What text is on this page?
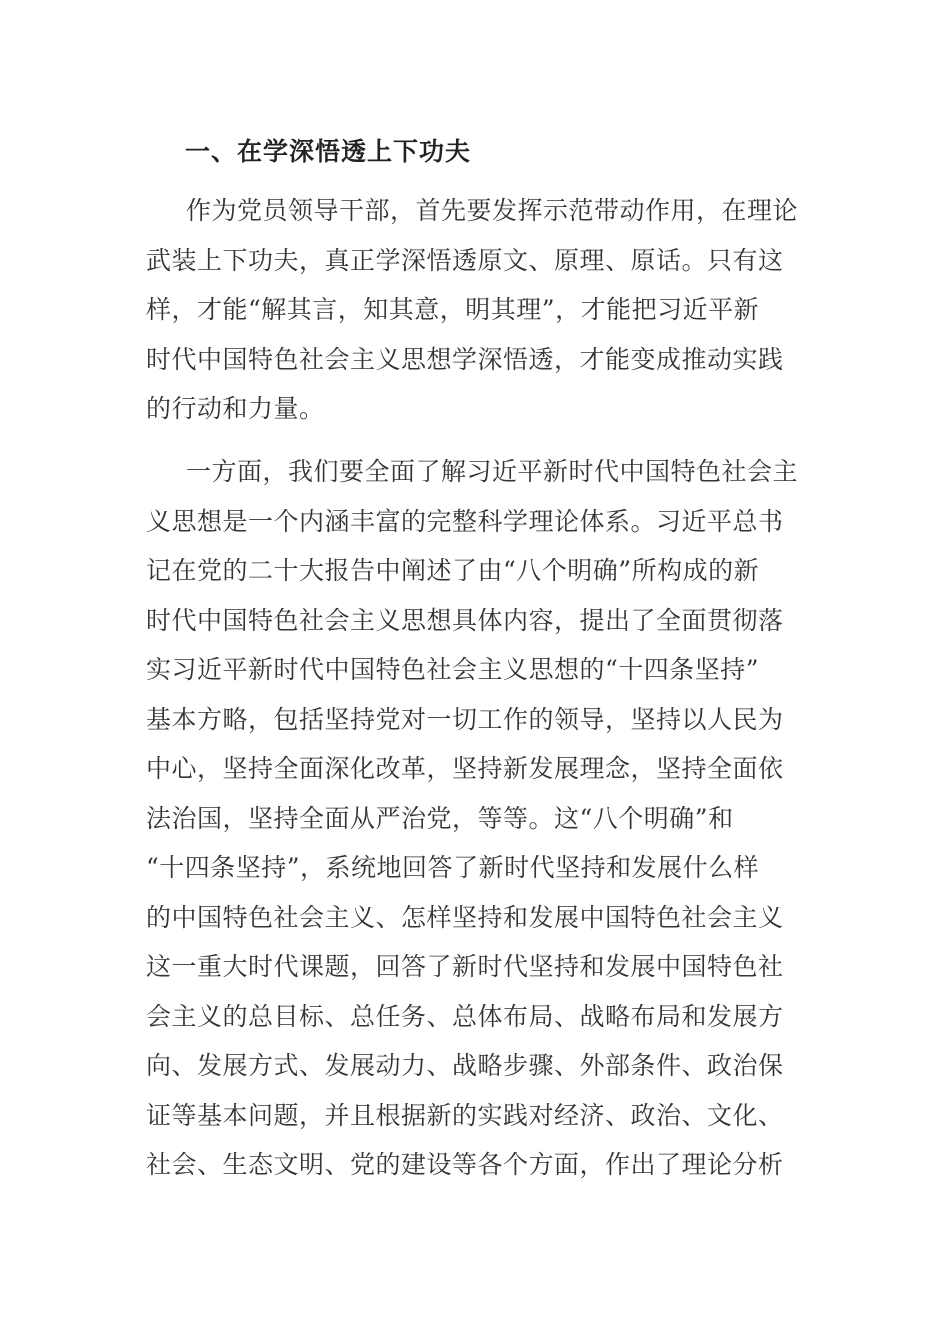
一、在学深悟透上下功夫
作为党员领导干部，首先要发挥示范带动作用，在理论
武装上下功夫，真正学深悟透原文、原理、原话。只有这
样，才能“解其言，知其意，明其理”，才能把习近平新
时代中国特色社会主义思想学深悟透，才能变成推动实践
的行动和力量。
一方面，我们要全面了解习近平新时代中国特色社会主
义思想是一个内涵丰富的完整科学理论体系。习近平总书
记在党的二十大报告中阐述了由“八个明确”所构成的新
时代中国特色社会主义思想具体内容，提出了全面贯彻落
实习近平新时代中国特色社会主义思想的“十四条坚持”
基本方略，包括坚持党对一切工作的领导，坚持以人民为
中心，坚持全面深化改革，坚持新发展理念，坚持全面依
法治国，坚持全面从严治党，等等。这“八个明确”和
“十四条坚持”，系统地回答了新时代坚持和发展什么样
的中国特色社会主义、怎样坚持和发展中国特色社会主义
这一重大时代课题，回答了新时代坚持和发展中国特色社
会主义的总目标、总任务、总体布局、战略布局和发展方
向、发展方式、发展动力、战略步骤、外部条件、政治保
证等基本问题，并且根据新的实践对经济、政治、文化、
社会、生态文明、党的建设等各个方面，作出了理论分析
